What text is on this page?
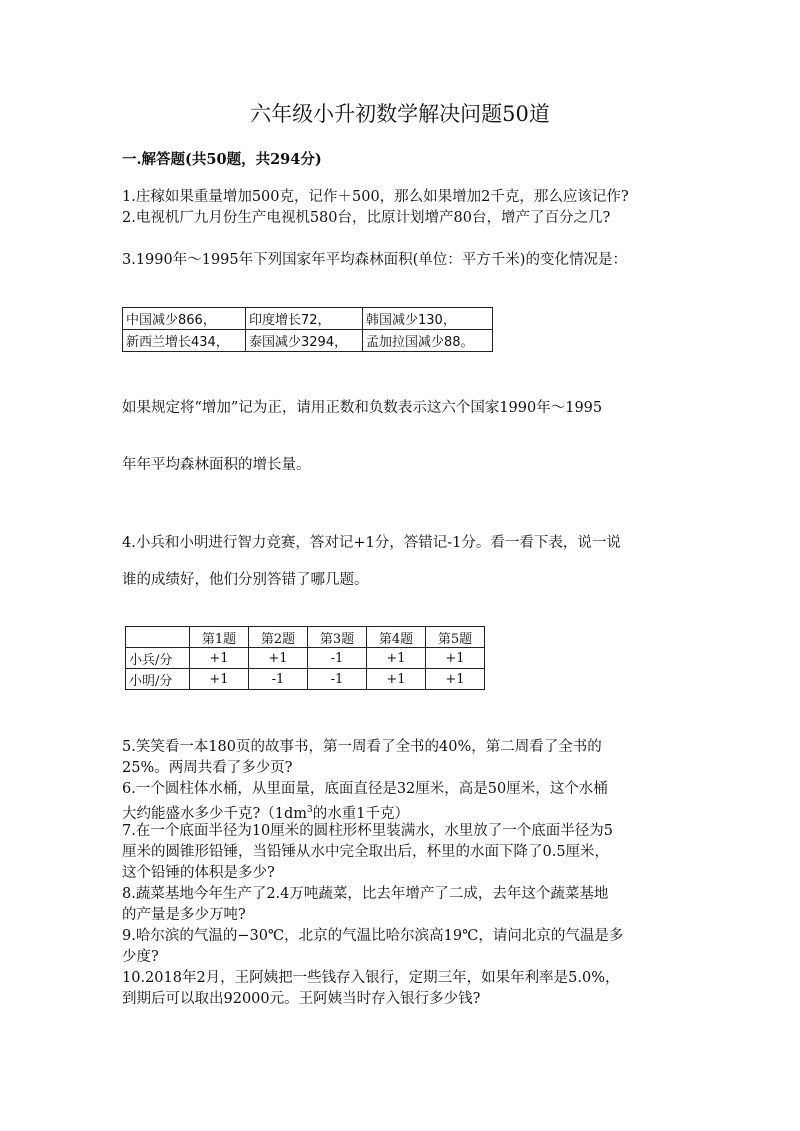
六年级小升初数学解决问题50道
一.解答题(共50题，共294分)
1.庄稼如果重量增加500克，记作＋500，那么如果增加2千克，那么应该记作?
2.电视机厂九月份生产电视机580台，比原计划增产80台，增产了百分之几?
3.1990年～1995年下列国家年平均森林面积(单位：平方千米)的变化情况是：
中国减少866，	印度增长72，	韩国减少130，
新西兰增长434，	泰国减少3294，	孟加拉国减少88。
如果规定将“增加”记为正，请用正数和负数表示这六个国家1990年～1995
年年平均森林面积的增长量。
4.小兵和小明进行智力竞赛，答对记+1分，答错记-1分。看一看下表，说一说
谁的成绩好，他们分别答错了哪几题。
	第1题	第2题	第3题	第4题	第5题
小兵/分	+1	+1	-1	+1	+1
小明/分	+1	-1	-1	+1	+1
5.笑笑看一本180页的故事书，第一周看了全书的40%，第二周看了全书的
25%。两周共看了多少页?
6.一个圆柱体水桶，从里面量，底面直径是32厘米，高是50厘米，这个水桶
大约能盛水多少千克$?(1dm^3$的水重1千克）
7.在一个底面半径为10厘米的圆柱形杯里装满水，水里放了一个底面半径为5
厘米的圆锥形铅锤，当铅锤从水中完全取出后，杯里的水面下降了0.5厘米，
这个铅锤的体积是多少?
8.蔬菜基地今年生产了2.4万吨蔬菜，比去年增产了二成，去年这个蔬菜基地
的产量是多少万吨?
9.哈尔滨的气温的−30℃，北京的气温比哈尔滨高19℃，请问北京的气温是多
少度?
10.2018年2月，王阿姨把一些钱存入银行，定期三年，如果年利率是5.0%，
到期后可以取出92000元。王阿姨当时存入银行多少钱?
